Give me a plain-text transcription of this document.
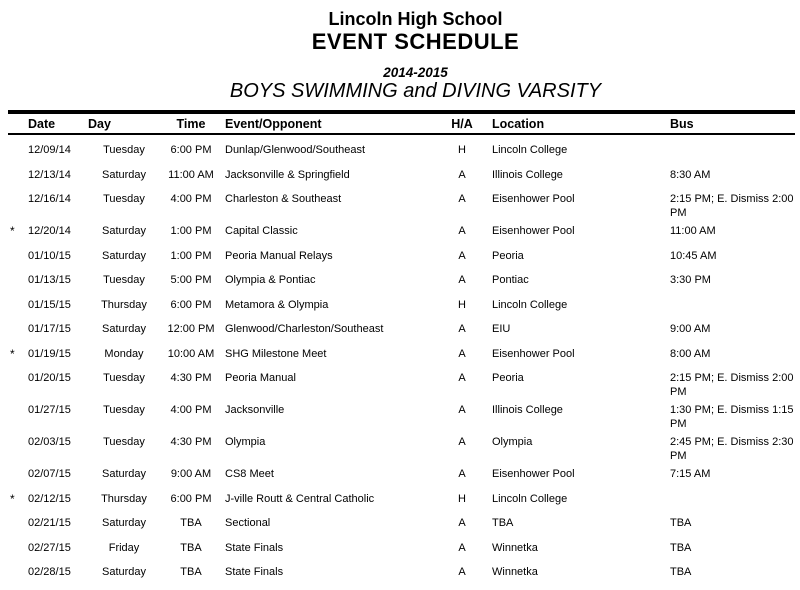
Lincoln High School
EVENT SCHEDULE
2014-2015
BOYS SWIMMING and DIVING VARSITY
Date	Day	Time	Event/Opponent	H/A	Location	Bus
12/09/14	Tuesday	6:00 PM	Dunlap/Glenwood/Southeast	H	Lincoln College
12/13/14	Saturday	11:00 AM	Jacksonville & Springfield	A	Illinois College	8:30 AM
12/16/14	Tuesday	4:00 PM	Charleston & Southeast	A	Eisenhower Pool	2:15 PM; E. Dismiss 2:00 PM
*	12/20/14	Saturday	1:00 PM	Capital Classic	A	Eisenhower Pool	11:00 AM
01/10/15	Saturday	1:00 PM	Peoria Manual Relays	A	Peoria	10:45 AM
01/13/15	Tuesday	5:00 PM	Olympia & Pontiac	A	Pontiac	3:30 PM
01/15/15	Thursday	6:00 PM	Metamora & Olympia	H	Lincoln College
01/17/15	Saturday	12:00 PM Glenwood/Charleston/Southeast	A	EIU	9:00 AM
*	01/19/15	Monday	10:00 AM SHG Milestone Meet	A	Eisenhower Pool	8:00 AM
01/20/15	Tuesday	4:30 PM	Peoria Manual	A	Peoria	2:15 PM; E. Dismiss 2:00 PM
01/27/15	Tuesday	4:00 PM	Jacksonville	A	Illinois College	1:30 PM; E. Dismiss 1:15 PM
02/03/15	Tuesday	4:30 PM	Olympia	A	Olympia	2:45 PM; E. Dismiss 2:30 PM
02/07/15	Saturday	9:00 AM	CS8 Meet	A	Eisenhower Pool	7:15 AM
*	02/12/15	Thursday	6:00 PM	J-ville Routt & Central Catholic	H	Lincoln College
02/21/15	Saturday	TBA	Sectional	A	TBA	TBA
02/27/15	Friday	TBA	State Finals	A	Winnetka	TBA
02/28/15	Saturday	TBA	State Finals	A	Winnetka	TBA
